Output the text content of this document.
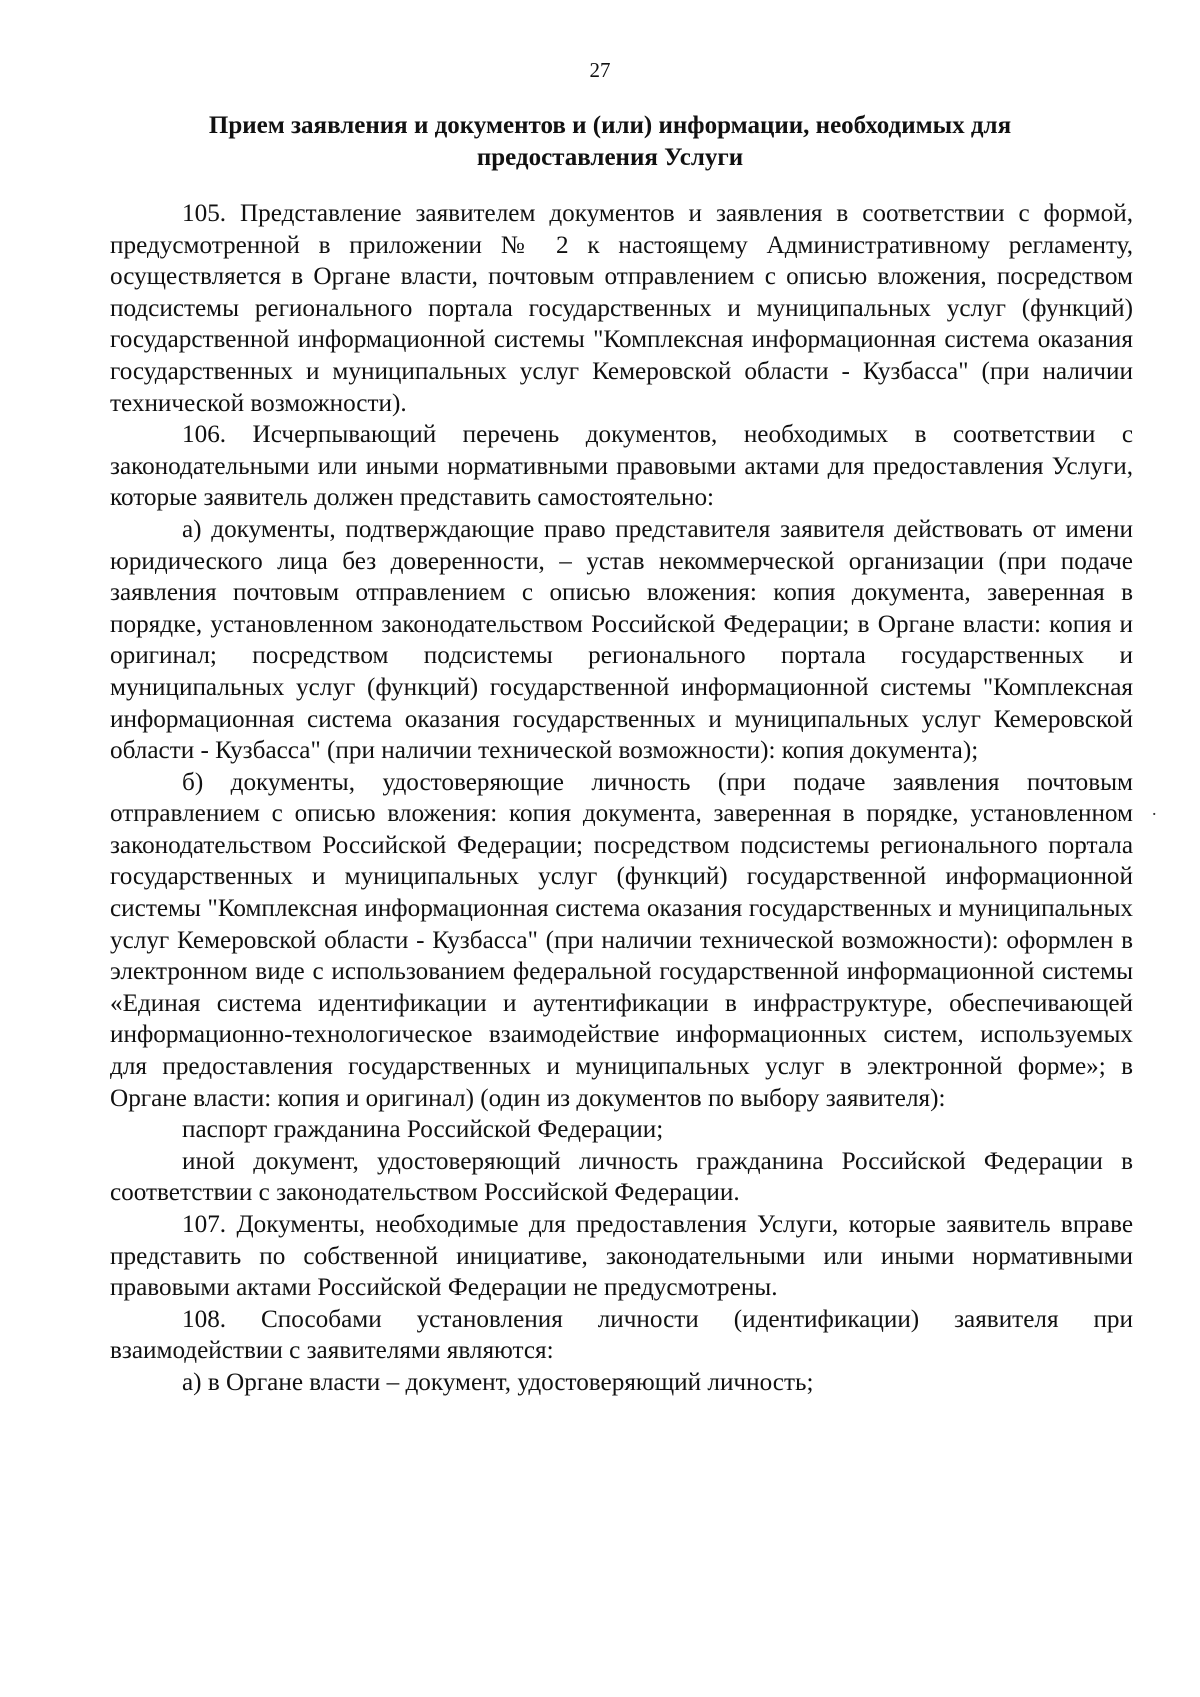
27
Прием заявления и документов и (или) информации, необходимых для
предоставления Услуги

105. Представление заявителем документов и заявления в соответствии с формой, предусмотренной в приложении № 2 к настоящему Административному регламенту, осуществляется в Органе власти, почтовым отправлением с описью вложения, посредством подсистемы регионального портала государственных и муниципальных услуг (функций) государственной информационной системы "Комплексная информационная система оказания государственных и муниципальных услуг Кемеровской области - Кузбасса" (при наличии технической возможности).

106. Исчерпывающий перечень документов, необходимых в соответствии с законодательными или иными нормативными правовыми актами для предоставления Услуги, которые заявитель должен представить самостоятельно:

а) документы, подтверждающие право представителя заявителя действовать от имени юридического лица без доверенности, – устав некоммерческой организации (при подаче заявления почтовым отправлением с описью вложения: копия документа, заверенная в порядке, установленном законодательством Российской Федерации; в Органе власти: копия и оригинал; посредством подсистемы регионального портала государственных и муниципальных услуг (функций) государственной информационной системы "Комплексная информационная система оказания государственных и муниципальных услуг Кемеровской области - Кузбасса" (при наличии технической возможности): копия документа);

б) документы, удостоверяющие личность (при подаче заявления почтовым отправлением с описью вложения: копия документа, заверенная в порядке, установленном законодательством Российской Федерации; посредством подсистемы регионального портала государственных и муниципальных услуг (функций) государственной информационной системы "Комплексная информационная система оказания государственных и муниципальных услуг Кемеровской области - Кузбасса" (при наличии технической возможности): оформлен в электронном виде с использованием федеральной государственной информационной системы «Единая система идентификации и аутентификации в инфраструктуре, обеспечивающей информационно-технологическое взаимодействие информационных систем, используемых для предоставления государственных и муниципальных услуг в электронной форме»; в Органе власти: копия и оригинал) (один из документов по выбору заявителя):

паспорт гражданина Российской Федерации;

иной документ, удостоверяющий личность гражданина Российской Федерации в соответствии с законодательством Российской Федерации.

107. Документы, необходимые для предоставления Услуги, которые заявитель вправе представить по собственной инициативе, законодательными или иными нормативными правовыми актами Российской Федерации не предусмотрены.

108. Способами установления личности (идентификации) заявителя при взаимодействии с заявителями являются:

а) в Органе власти – документ, удостоверяющий личность;

.
